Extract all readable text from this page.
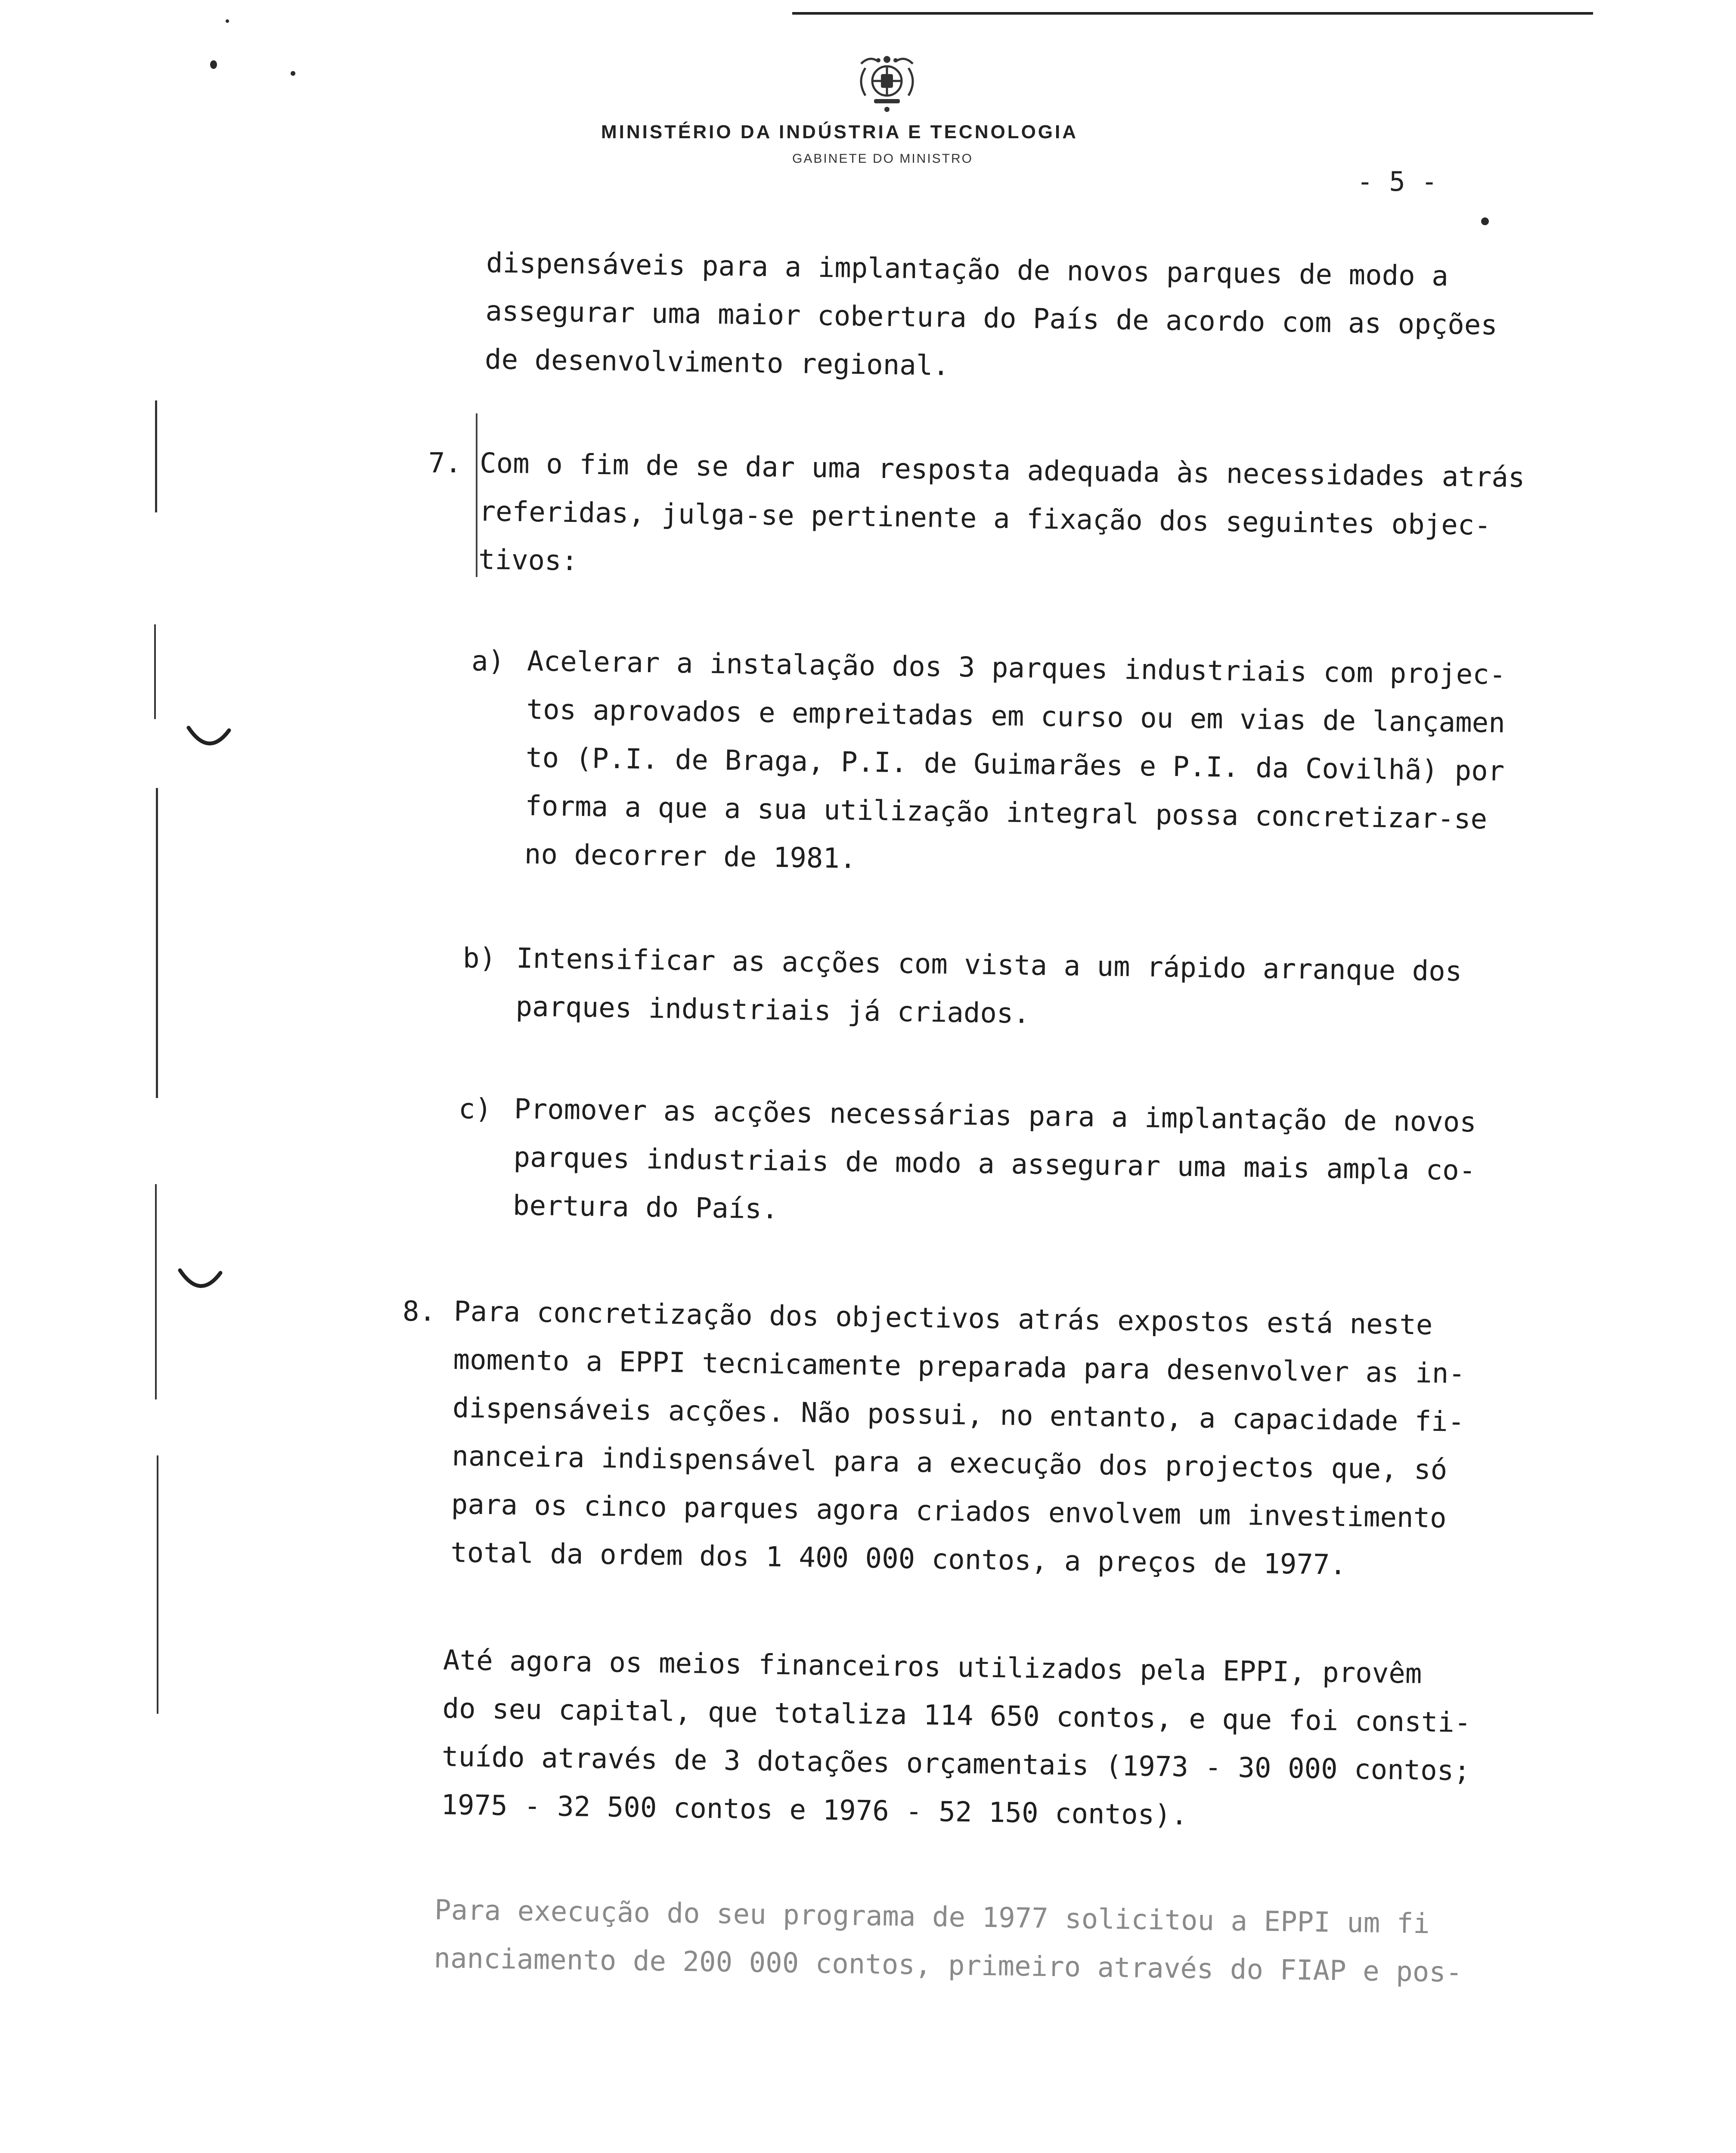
MINISTÉRIO DA INDÚSTRIA E TECNOLOGIA
GABINETE DO MINISTRO
- 5 -
dispensáveis para a implantação de novos parques de modo a
assegurar uma maior cobertura do País de acordo com as opções
de desenvolvimento regional.
7. Com o fim de se dar uma resposta adequada às necessidades atrás
referidas, julga-se pertinente a fixação dos seguintes objec-
tivos:
a) Acelerar a instalação dos 3 parques industriais com projec-
tos aprovados e empreitadas em curso ou em vias de lançamen
to (P.I. de Braga, P.I. de Guimarães e P.I. da Covilhã) por
forma a que a sua utilização integral possa concretizar-se
no decorrer de 1981.
b) Intensificar as acções com vista a um rápido arranque dos
parques industriais já criados.
c) Promover as acções necessárias para a implantação de novos
parques industriais de modo a assegurar uma mais ampla co-
bertura do País.
8. Para concretização dos objectivos atrás expostos está neste
momento a EPPI tecnicamente preparada para desenvolver as in-
dispensáveis acções. Não possui, no entanto, a capacidade fi-
nanceira indispensável para a execução dos projectos que, só
para os cinco parques agora criados envolvem um investimento
total da ordem dos 1 400 000 contos, a preços de 1977.
Até agora os meios financeiros utilizados pela EPPI, provêm
do seu capital, que totaliza 114 650 contos, e que foi consti-
tuído através de 3 dotações orçamentais (1973 - 30 000 contos;
1975 - 32 500 contos e 1976 - 52 150 contos).
Para execução do seu programa de 1977 solicitou a EPPI um fi
nanciamento de 200 000 contos, primeiro através do FIAP e pos-
